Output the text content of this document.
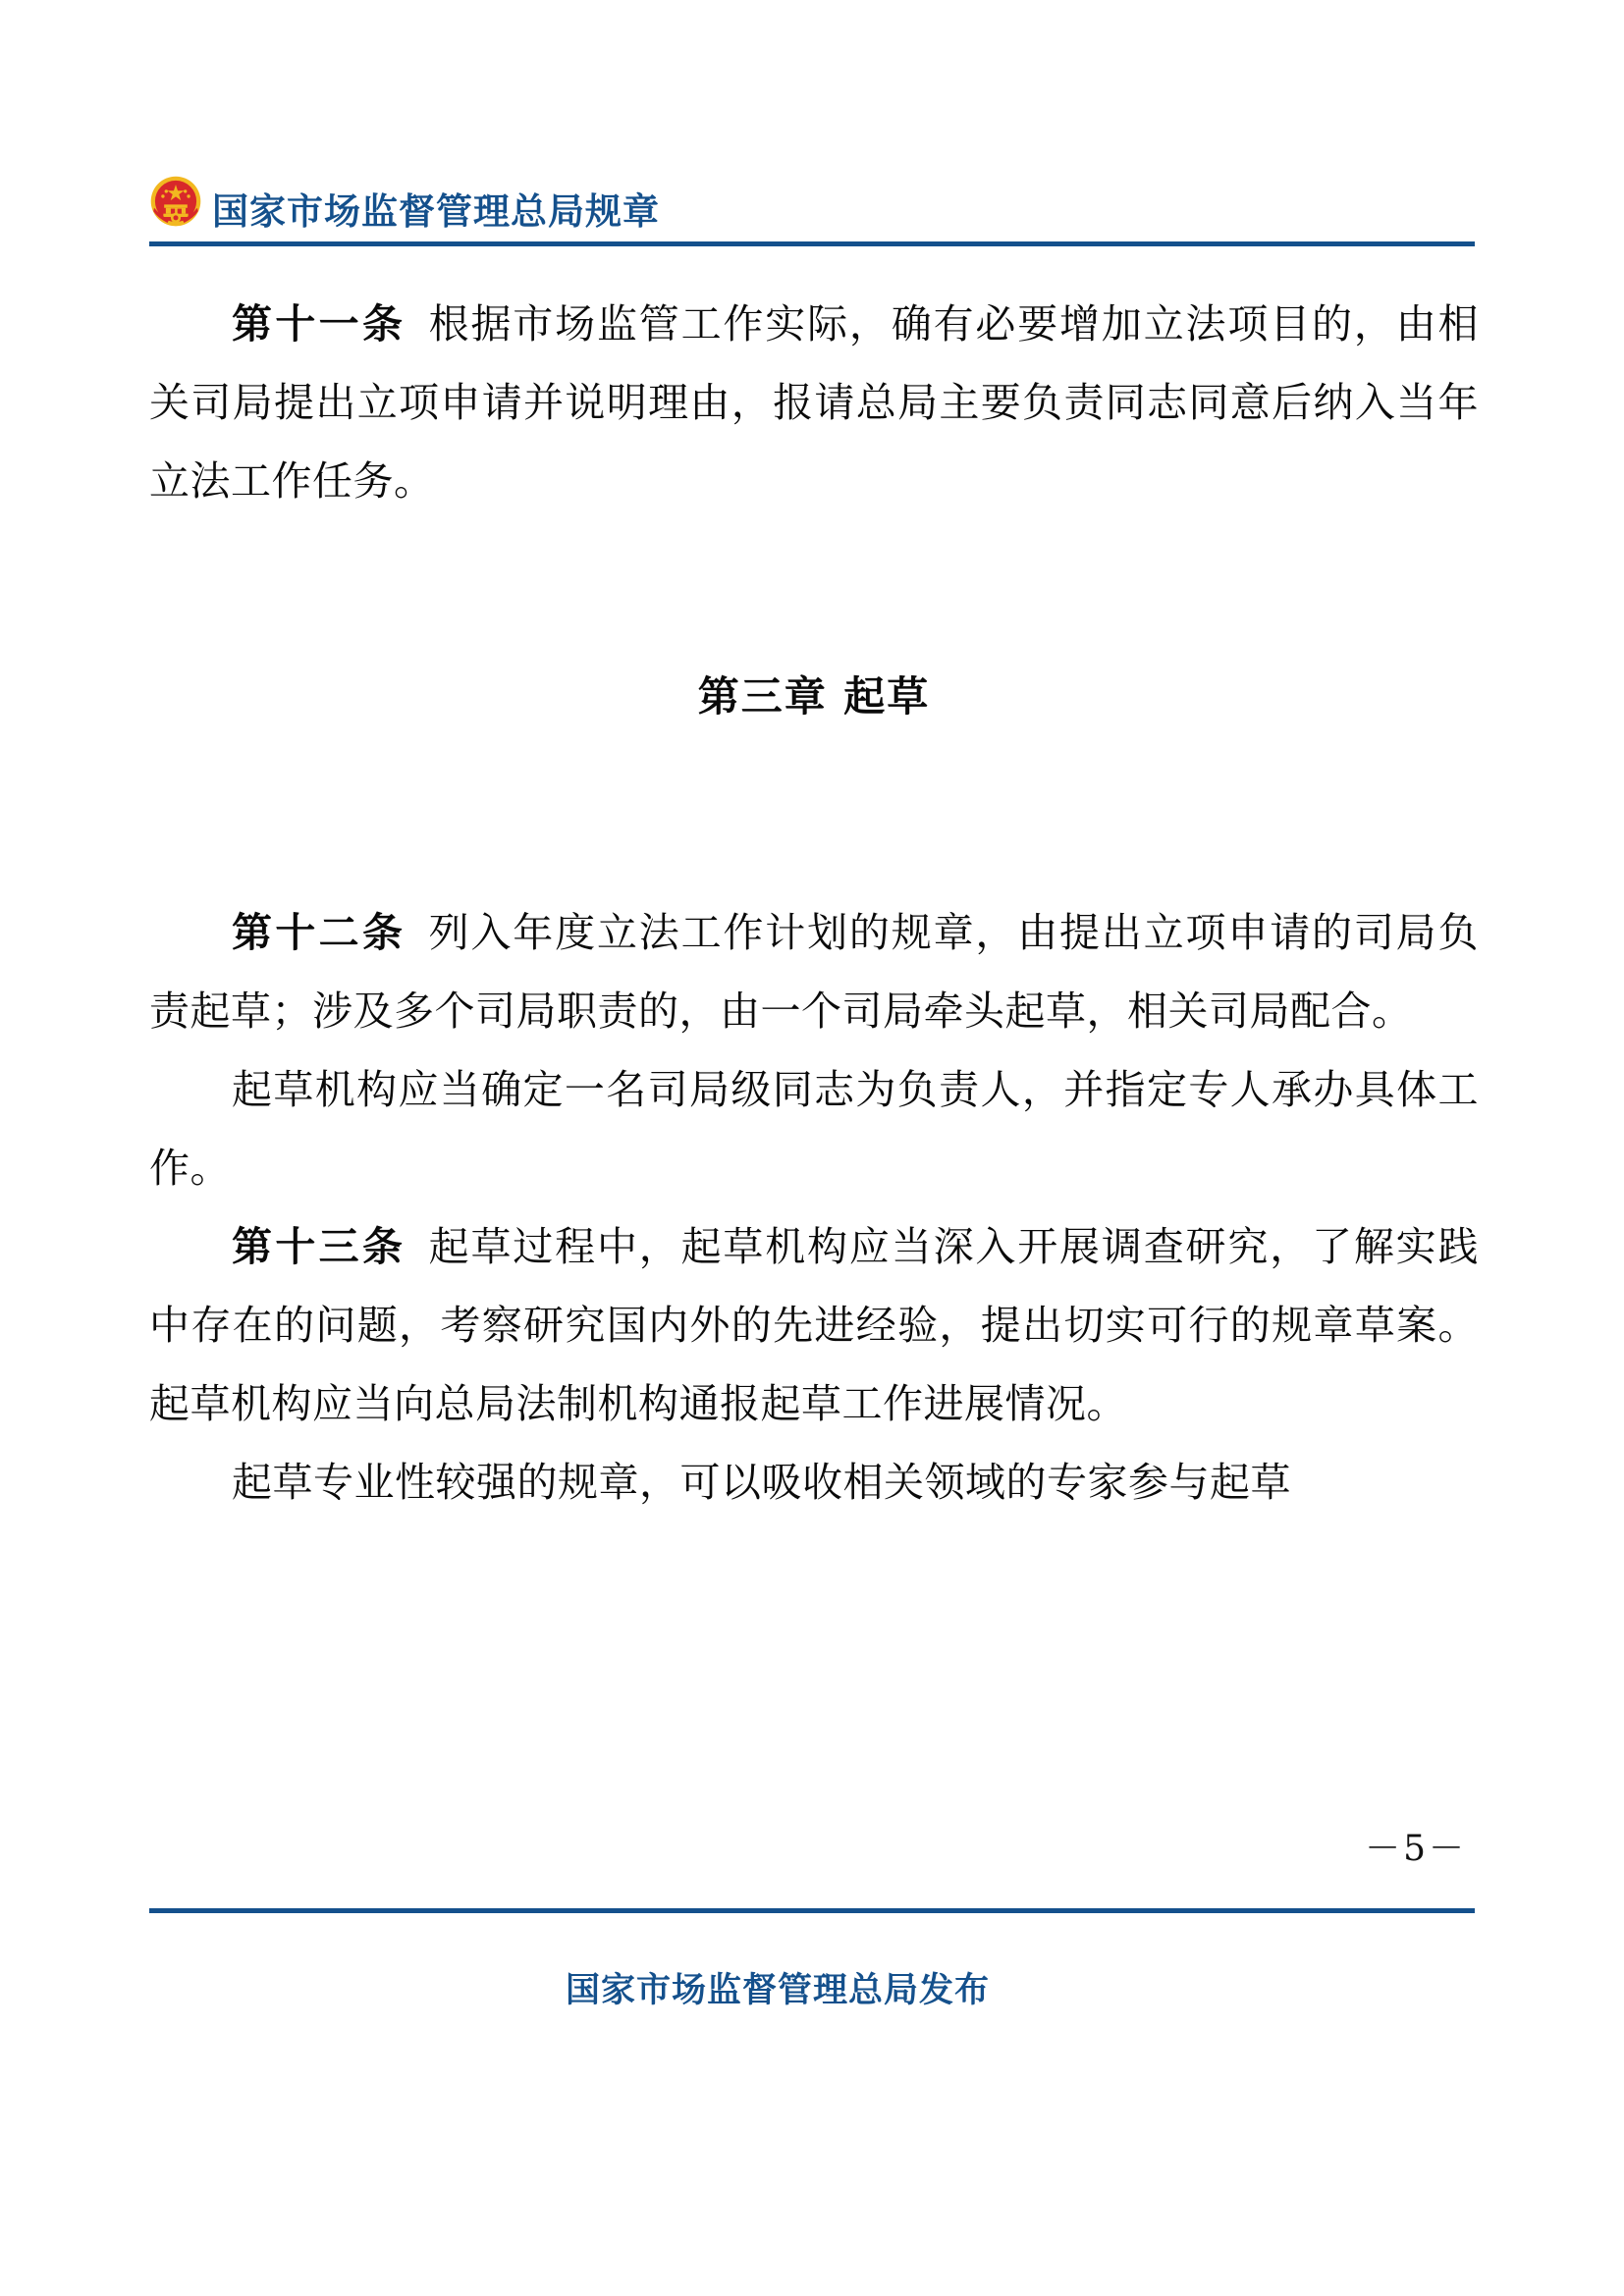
国家市场监督管理总局规章

第十一条 根据市场监管工作实际，确有必要增加立法项目的，由相关司局提出立项申请并说明理由，报请总局主要负责同志同意后纳入当年立法工作任务。

第三章 起草

第十二条 列入年度立法工作计划的规章，由提出立项申请的司局负责起草；涉及多个司局职责的，由一个司局牵头起草，相关司局配合。

起草机构应当确定一名司局级同志为负责人，并指定专人承办具体工作。

第十三条 起草过程中，起草机构应当深入开展调查研究，了解实践中存在的问题，考察研究国内外的先进经验，提出切实可行的规章草案。起草机构应当向总局法制机构通报起草工作进展情况。

起草专业性较强的规章，可以吸收相关领域的专家参与起草

－5－
国家市场监督管理总局发布
